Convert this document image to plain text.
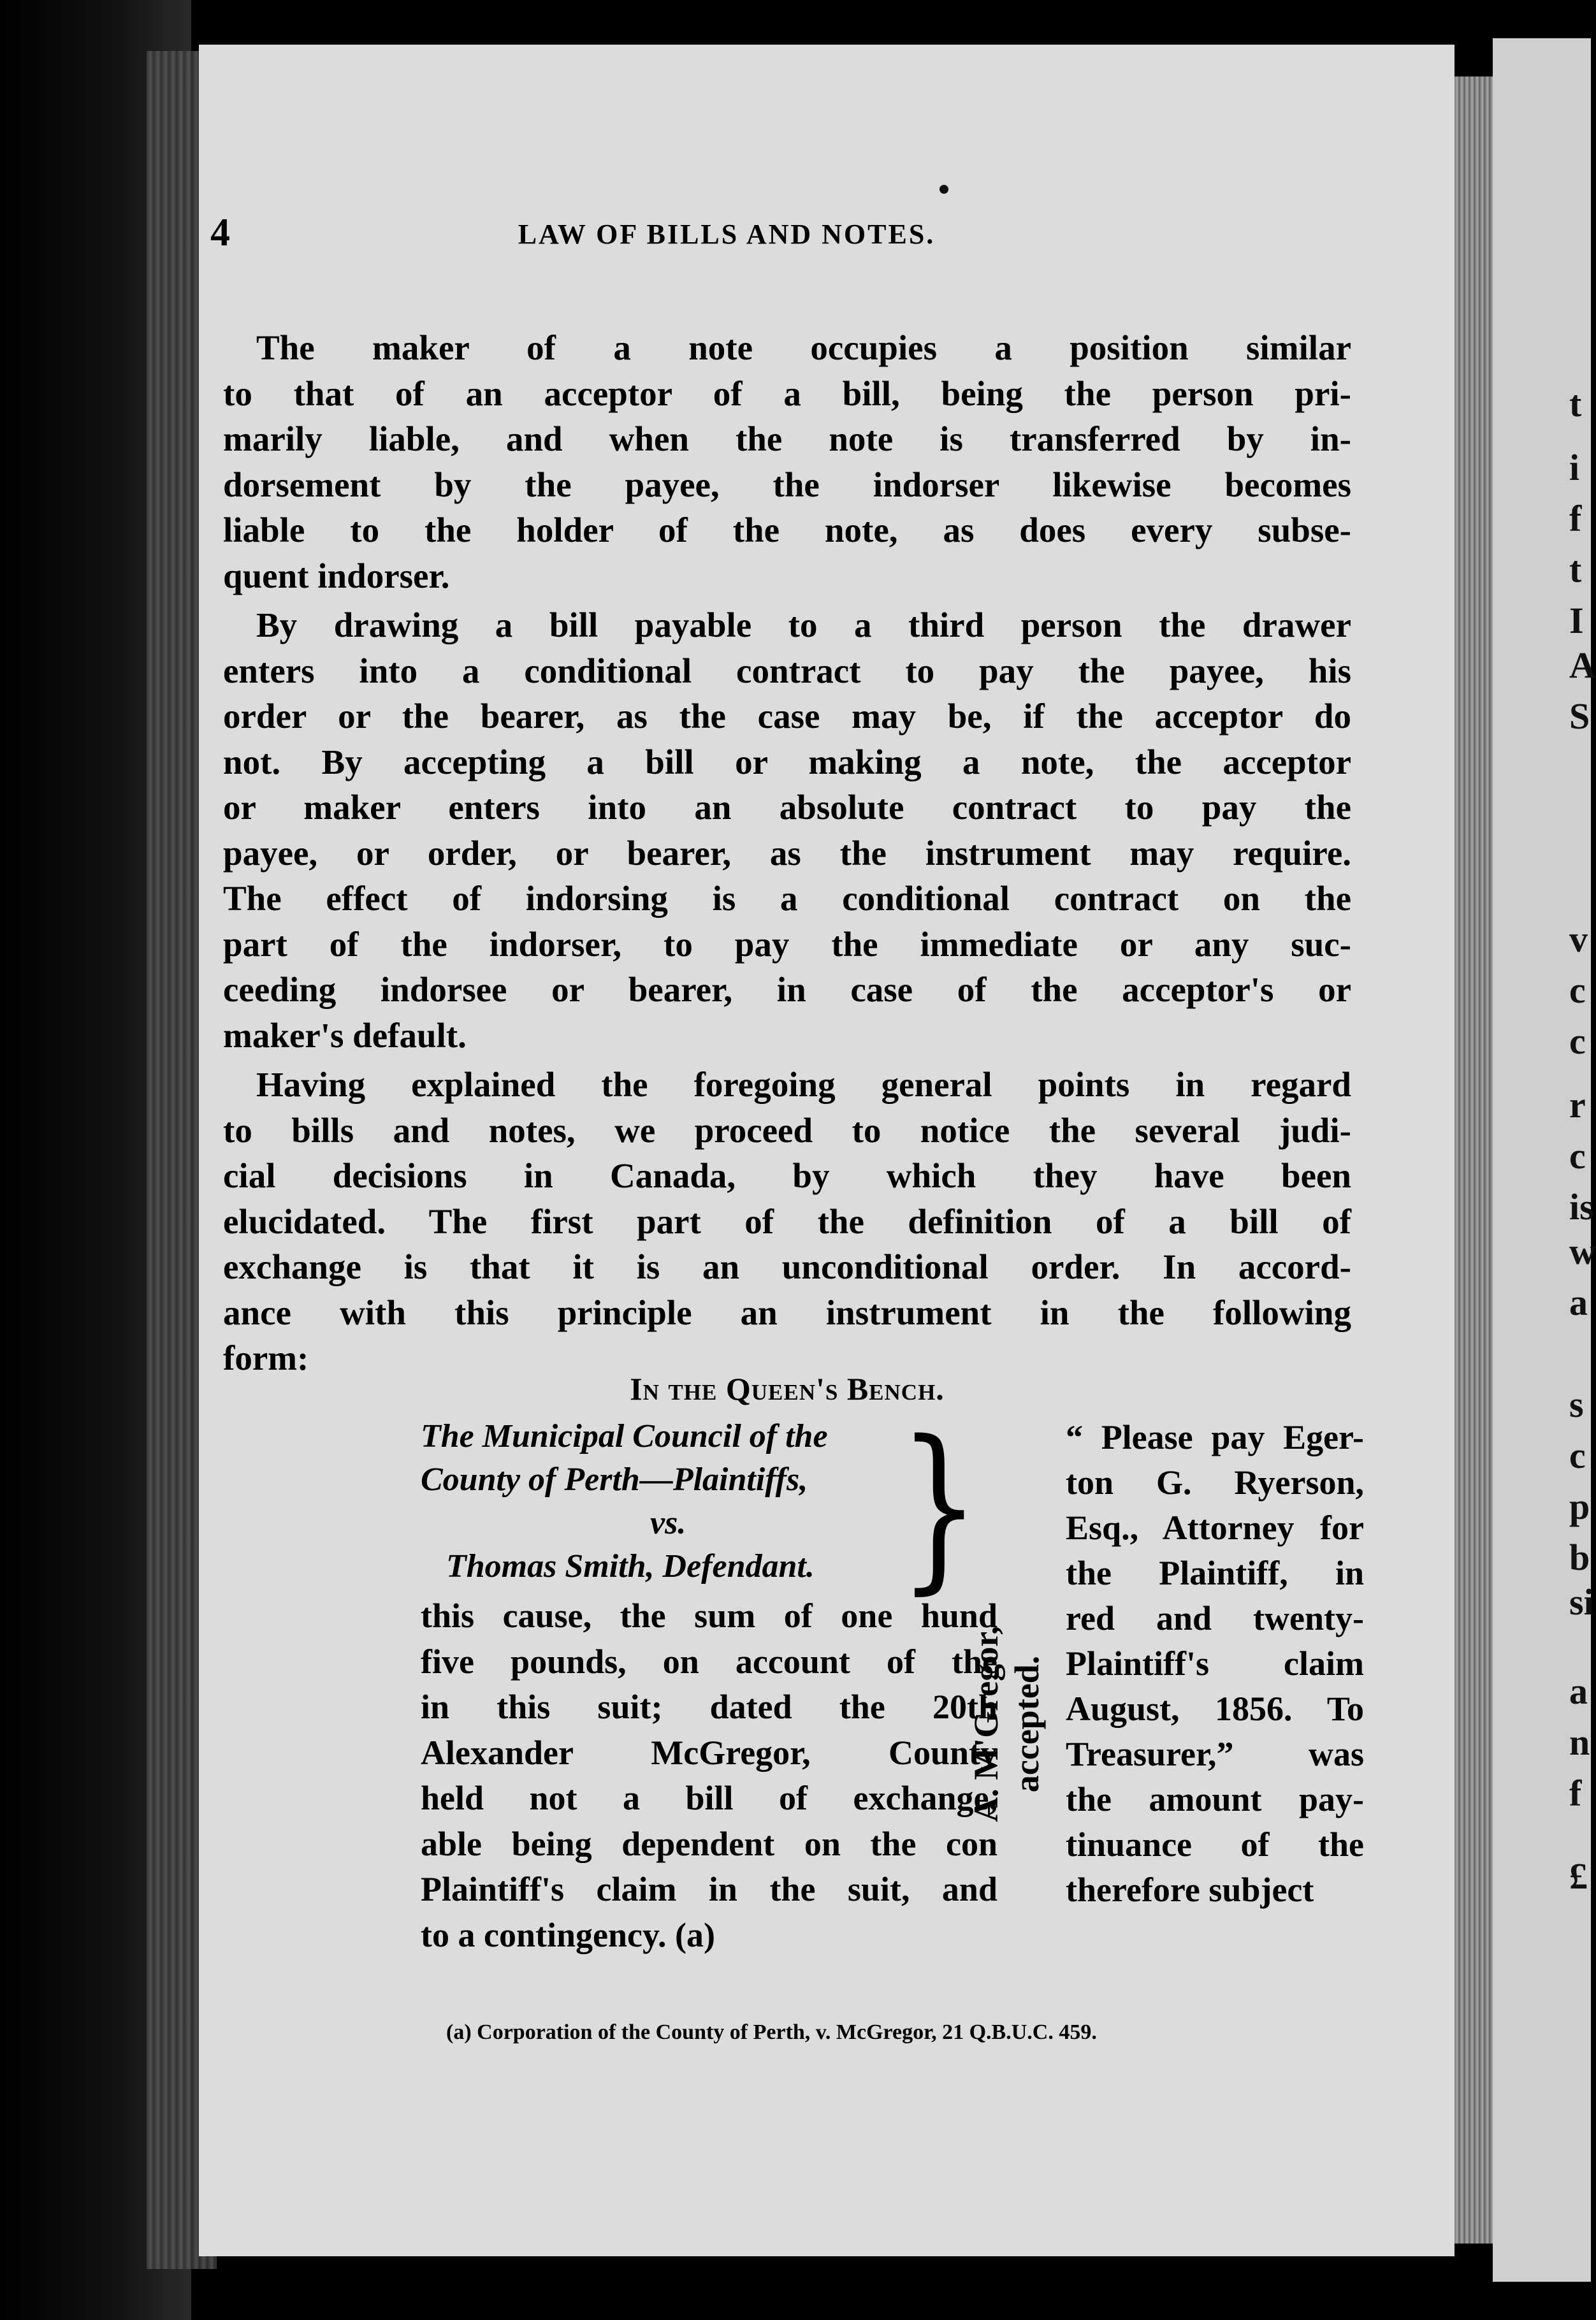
t
i
f
t
I
A
S
v
c
c
r
c
is
w
a
s
c
p
b
si
a
n
f
£
4	LAW OF BILLS AND NOTES.
The maker of a note occupies a position similar
to that of an acceptor of a bill, being the person pri-
marily liable, and when the note is transferred by in-
dorsement by the payee, the indorser likewise becomes
liable to the holder of the note, as does every subse-
quent indorser.
By drawing a bill payable to a third person the drawer
enters into a conditional contract to pay the payee, his
order or the bearer, as the case may be, if the acceptor do
not. By accepting a bill or making a note, the acceptor
or maker enters into an absolute contract to pay the
payee, or order, or bearer, as the instrument may require.
The effect of indorsing is a conditional contract on the
part of the indorser, to pay the immediate or any suc-
ceeding indorsee or bearer, in case of the acceptor's or
maker's default.
Having explained the foregoing general points in regard
to bills and notes, we proceed to notice the several judi-
cial decisions in Canada, by which they have been
elucidated. The first part of the definition of a bill of
exchange is that it is an unconditional order. In accord-
ance with this principle an instrument in the following
form:
In the Queen's Bench.
The Municipal Council of the
County of Perth—Plaintiffs,
vs.
Thomas Smith, Defendant. }
this cause, the sum of one hund
five pounds, on account of the
in this suit; dated the 20th
Alexander McGregor, County
held not a bill of exchange,
able being dependent on the con
Plaintiff's claim in the suit, and
to a contingency. (a)
A. M'Gregor, accepted.
“ Please pay Eger-
ton G. Ryerson,
Esq., Attorney for
the Plaintiff, in
red and twenty-
Plaintiff's claim
August, 1856. To
Treasurer,” was
the amount pay-
tinuance of the
therefore subject
(a) Corporation of the County of Perth, v. McGregor, 21 Q.B.U.C. 459.
